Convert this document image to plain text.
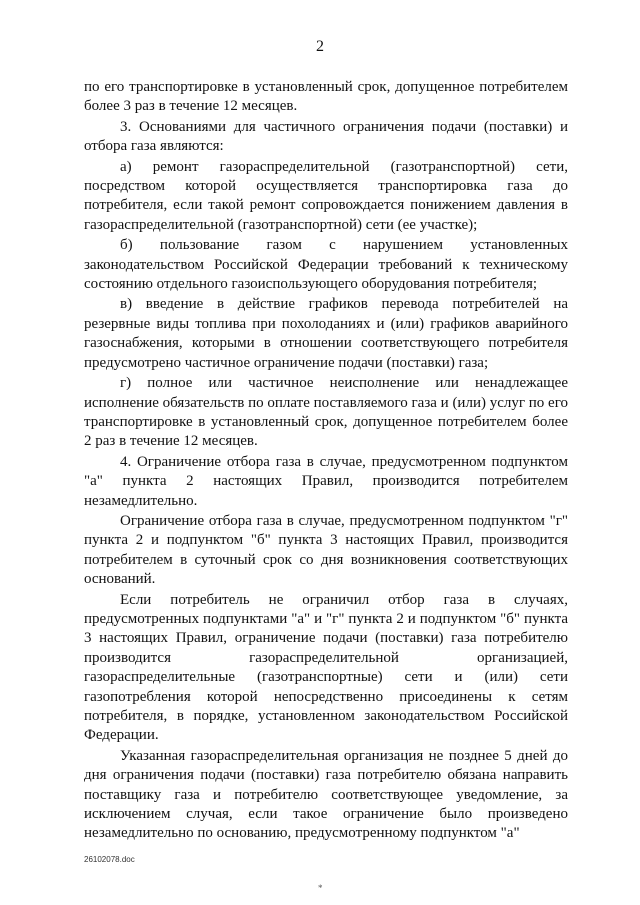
2

по его транспортировке в установленный срок, допущенное потребителем более 3 раз в течение 12 месяцев.

3. Основаниями для частичного ограничения подачи (поставки) и отбора газа являются:

а) ремонт газораспределительной (газотранспортной) сети, посредством которой осуществляется транспортировка газа до потребителя, если такой ремонт сопровождается понижением давления в газораспределительной (газотранспортной) сети (ее участке);

б) пользование газом с нарушением установленных законодательством Российской Федерации требований к техническому состоянию отдельного газоиспользующего оборудования потребителя;

в) введение в действие графиков перевода потребителей на резервные виды топлива при похолоданиях и (или) графиков аварийного газоснабжения, которыми в отношении соответствующего потребителя предусмотрено частичное ограничение подачи (поставки) газа;

г) полное или частичное неисполнение или ненадлежащее исполнение обязательств по оплате поставляемого газа и (или) услуг по его транспортировке в установленный срок, допущенное потребителем более 2 раз в течение 12 месяцев.

4. Ограничение отбора газа в случае, предусмотренном подпунктом "а" пункта 2 настоящих Правил, производится потребителем незамедлительно.

Ограничение отбора газа в случае, предусмотренном подпунктом "г" пункта 2 и подпунктом "б" пункта 3 настоящих Правил, производится потребителем в суточный срок со дня возникновения соответствующих оснований.

Если потребитель не ограничил отбор газа в случаях, предусмотренных подпунктами "а" и "г" пункта 2 и подпунктом "б" пункта 3 настоящих Правил, ограничение подачи (поставки) газа потребителю производится газораспределительной организацией, газораспределительные (газотранспортные) сети и (или) сети газопотребления которой непосредственно присоединены к сетям потребителя, в порядке, установленном законодательством Российской Федерации.

Указанная газораспределительная организация не позднее 5 дней до дня ограничения подачи (поставки) газа потребителю обязана направить поставщику газа и потребителю соответствующее уведомление, за исключением случая, если такое ограничение было произведено незамедлительно по основанию, предусмотренному подпунктом "а"

26102078.doc
*
